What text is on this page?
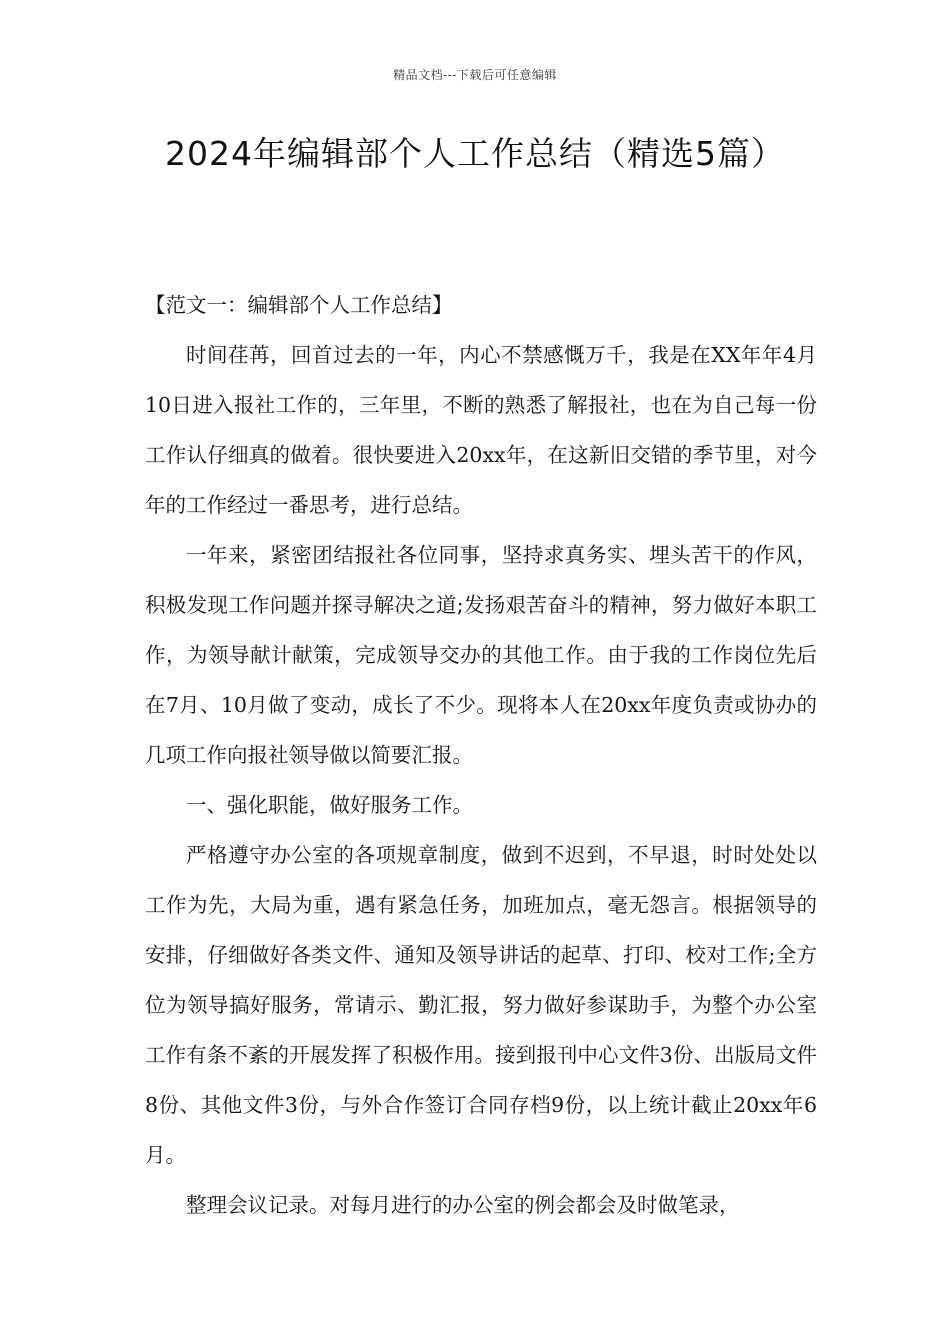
精品文档---下载后可任意编辑
2024年编辑部个人工作总结（精选5篇）

【范文一：编辑部个人工作总结】

时间荏苒，回首过去的一年，内心不禁感慨万千，我是在XX年年4月10日进入报社工作的，三年里，不断的熟悉了解报社，也在为自己每一份工作认仔细真的做着。很快要进入20xx年，在这新旧交错的季节里，对今年的工作经过一番思考，进行总结。

一年来，紧密团结报社各位同事，坚持求真务实、埋头苦干的作风，积极发现工作问题并探寻解决之道;发扬艰苦奋斗的精神，努力做好本职工作，为领导献计献策，完成领导交办的其他工作。由于我的工作岗位先后在7月、10月做了变动，成长了不少。现将本人在20xx年度负责或协办的几项工作向报社领导做以简要汇报。

一、强化职能，做好服务工作。

严格遵守办公室的各项规章制度，做到不迟到，不早退，时时处处以工作为先，大局为重，遇有紧急任务，加班加点，毫无怨言。根据领导的安排，仔细做好各类文件、通知及领导讲话的起草、打印、校对工作;全方位为领导搞好服务，常请示、勤汇报，努力做好参谋助手，为整个办公室工作有条不紊的开展发挥了积极作用。接到报刊中心文件3份、出版局文件8份、其他文件3份，与外合作签订合同存档9份，以上统计截止20xx年6月。

整理会议记录。对每月进行的办公室的例会都会及时做笔录，
